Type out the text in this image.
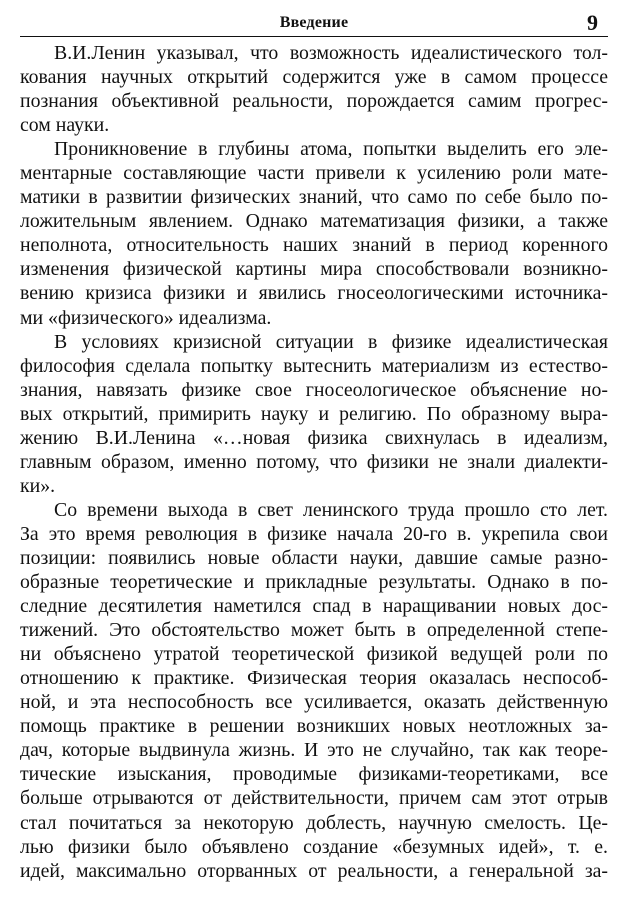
Введение	9
В.И.Ленин указывал, что возможность идеалистического тол-
кования научных открытий содержится уже в самом процессе
познания объективной реальности, порождается самим прогрес-
сом науки.
Проникновение в глубины атома, попытки выделить его эле-
ментарные составляющие части привели к усилению роли мате-
матики в развитии физических знаний, что само по себе было по-
ложительным явлением. Однако математизация физики, а также
неполнота, относительность наших знаний в период коренного
изменения физической картины мира способствовали возникно-
вению кризиса физики и явились гносеологическими источника-
ми «физического» идеализма.
В условиях кризисной ситуации в физике идеалистическая
философия сделала попытку вытеснить материализм из естество-
знания, навязать физике свое гносеологическое объяснение но-
вых открытий, примирить науку и религию. По образному выра-
жению В.И.Ленина «…новая физика свихнулась в идеализм,
главным образом, именно потому, что физики не знали диалекти-
ки».
Со времени выхода в свет ленинского труда прошло сто лет.
За это время революция в физике начала 20-го в. укрепила свои
позиции: появились новые области науки, давшие самые разно-
образные теоретические и прикладные результаты. Однако в по-
следние десятилетия наметился спад в наращивании новых дос-
тижений. Это обстоятельство может быть в определенной степе-
ни объяснено утратой теоретической физикой ведущей роли по
отношению к практике. Физическая теория оказалась неспособ-
ной, и эта неспособность все усиливается, оказать действенную
помощь практике в решении возникших новых неотложных за-
дач, которые выдвинула жизнь. И это не случайно, так как теоре-
тические изыскания, проводимые физиками-теоретиками, все
больше отрываются от действительности, причем сам этот отрыв
стал почитаться за некоторую доблесть, научную смелость. Це-
лью физики было объявлено создание «безумных идей», т. е.
идей, максимально оторванных от реальности, а генеральной за-
